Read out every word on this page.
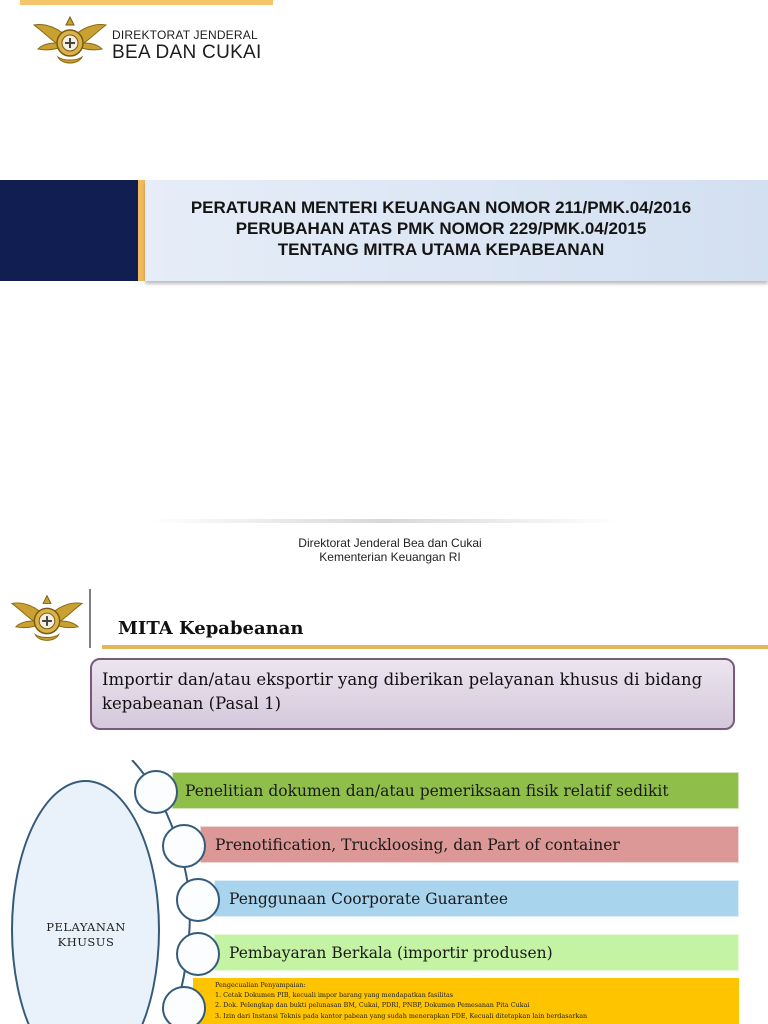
DIREKTORAT JENDERAL
BEA DAN CUKAI
PERATURAN MENTERI KEUANGAN NOMOR 211/PMK.04/2016
PERUBAHAN ATAS PMK NOMOR 229/PMK.04/2015
TENTANG MITRA UTAMA KEPABEANAN
Direktorat Jenderal Bea dan Cukai
Kementerian Keuangan RI
MITA Kepabeanan
Importir dan/atau eksportir yang diberikan pelayanan khusus di bidang kepabeanan (Pasal 1)
PELAYANAN
KHUSUS
Penelitian dokumen dan/atau pemeriksaan fisik relatif sedikit
Prenotification, Truckloosing, dan Part of container
Penggunaan Coorporate Guarantee
Pembayaran Berkala (importir produsen)
Pengecualian Penyampaian:
1. Cetak Dokumen PIB, kecuali impor barang yang mendapatkan fasilitas
2. Dok. Pelengkap dan bukti pelunasan BM, Cukai, PDRI, PNBP, Dokumen Pemesanan Pita Cukai
3. Izin dari Instansi Teknis pada kantor pabean yang sudah menerapkan PDE, Kecuali ditetapkan lain berdasarkan
